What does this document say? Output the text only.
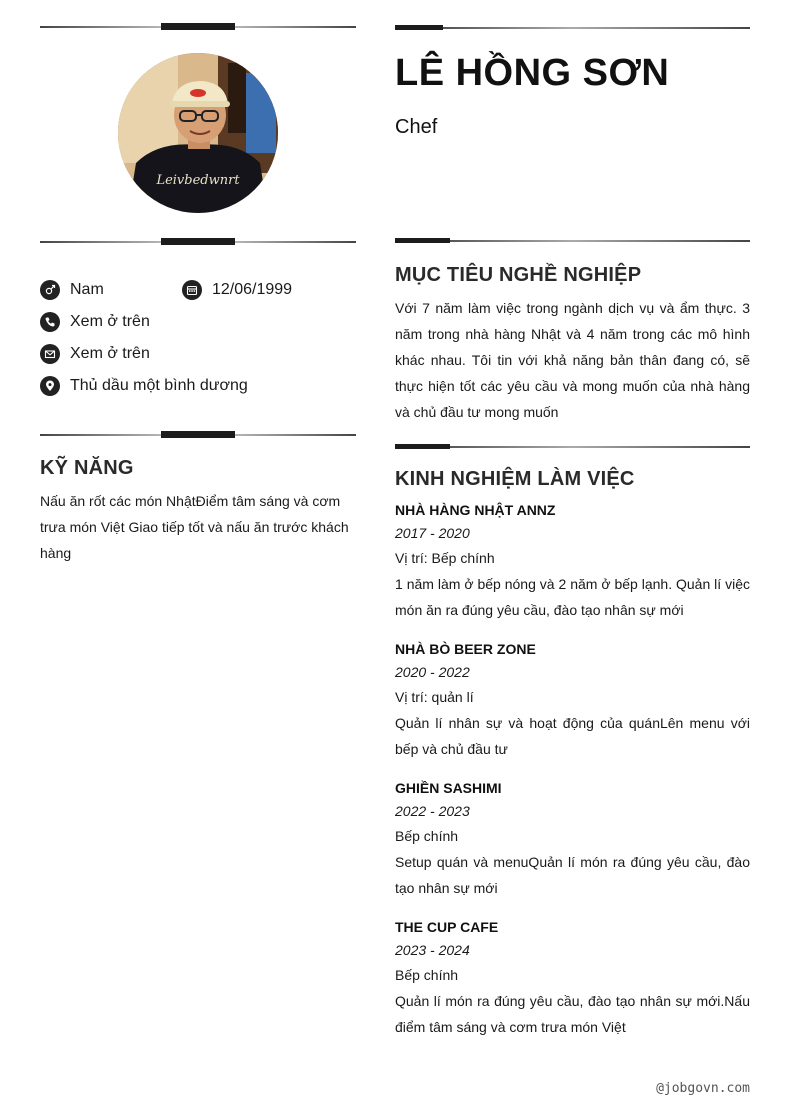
Leivbedwnrt
Nam	12/06/1999
Xem ở trên
Xem ở trên
Thủ dầu một bình dương
KỸ NĂNG

Nấu ăn rốt các món NhậtĐiểm tâm sáng và cơm trưa món Việt Giao tiếp tốt và nấu ăn trước khách hàng

LÊ HỒNG SƠN
Chef
MỤC TIÊU NGHỀ NGHIỆP

Với 7 năm làm việc trong ngành dịch vụ và ẩm thực. 3 năm trong nhà hàng Nhật và 4 năm trong các mô hình khác nhau. Tôi tin với khả năng bản thân đang có, sẽ thực hiện tốt các yêu cầu và mong muốn của nhà hàng và chủ đầu tư mong muốn

KINH NGHIỆM LÀM VIỆC
NHÀ HÀNG NHẬT ANNZ
2017 - 2020
Vị trí: Bếp chính
1 năm làm ở bếp nóng và 2 năm ở bếp lạnh. Quản lí việc món ăn ra đúng yêu cầu, đào tạo nhân sự mới
NHÀ BÒ BEER ZONE
2020 - 2022
Vị trí: quản lí
Quản lí nhân sự và hoạt động của quánLên menu với bếp và chủ đầu tư
GHIỀN SASHIMI
2022 - 2023
Bếp chính
Setup quán và menuQuản lí món ra đúng yêu cầu, đào tạo nhân sự mới
THE CUP CAFE
2023 - 2024
Bếp chính
Quản lí món ra đúng yêu cầu, đào tạo nhân sự mới.Nấu điểm tâm sáng và cơm trưa món Việt
@jobgovn.com
